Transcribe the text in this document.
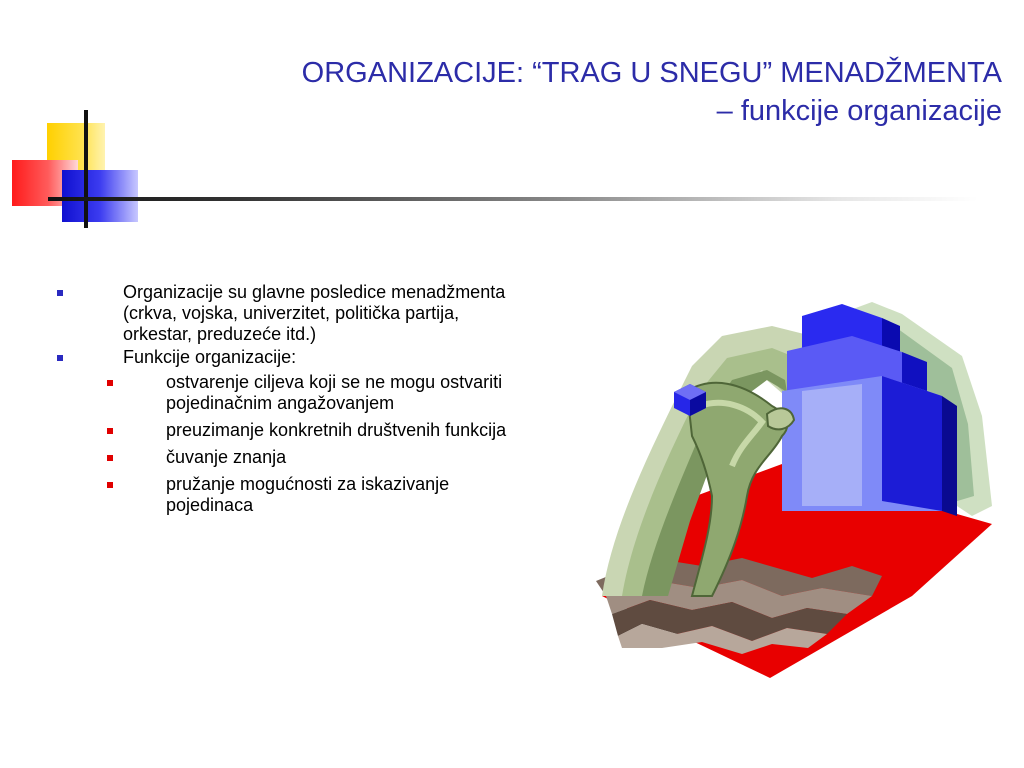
ORGANIZACIJE: “TRAG U SNEGU” MENADŽMENTA
– funkcije organizacije
Organizacije su glavne posledice menadžmenta
(crkva, vojska, univerzitet, politička partija,
orkestar, preduzeće itd.)
Funkcije organizacije:
ostvarenje ciljeva koji se ne mogu ostvariti
pojedinačnim angažovanjem
preuzimanje konkretnih društvenih funkcija
čuvanje znanja
pružanje mogućnosti za iskazivanje
pojedinaca
